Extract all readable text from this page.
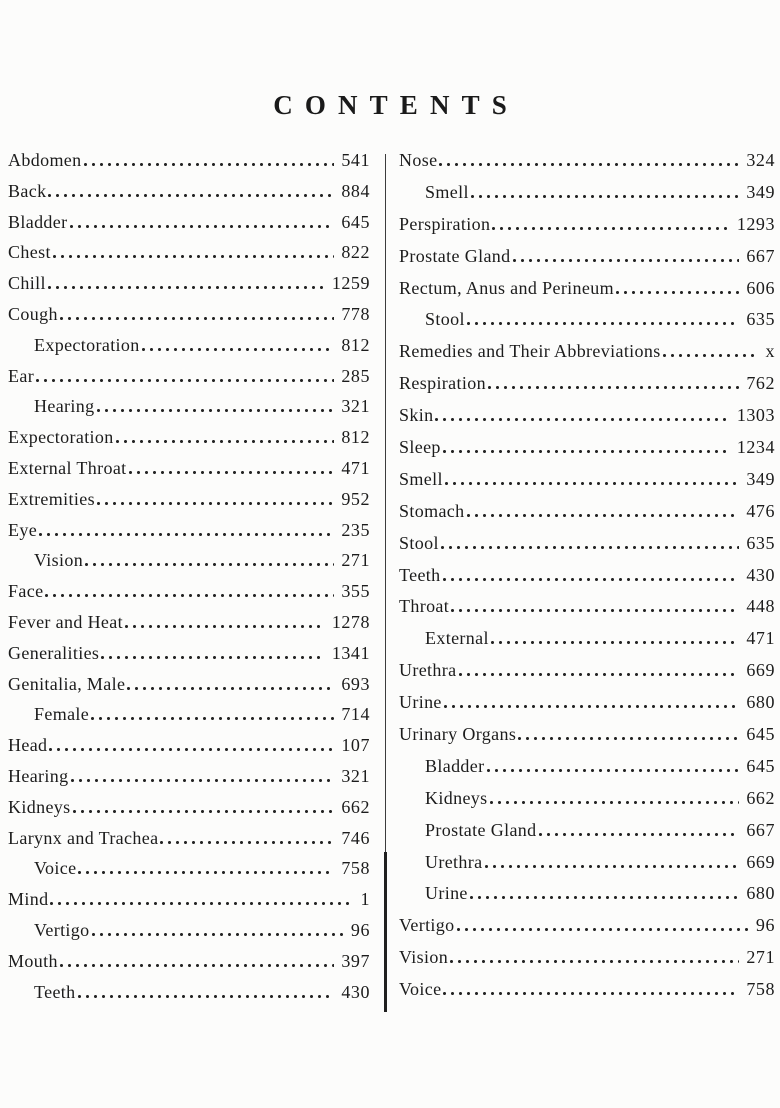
CONTENTS
Abdomen	541
Back	884
Bladder	645
Chest	822
Chill	1259
Cough	778
Expectoration	812
Ear	285
Hearing	321
Expectoration	812
External Throat	471
Extremities	952
Eye	235
Vision	271
Face	355
Fever and Heat	1278
Generalities	1341
Genitalia, Male	693
Female	714
Head	107
Hearing	321
Kidneys	662
Larynx and Trachea	746
Voice	758
Mind	1
Vertigo	96
Mouth	397
Teeth	430
Nose	324
Smell	349
Perspiration	1293
Prostate Gland	667
Rectum, Anus and Perineum	606
Stool	635
Remedies and Their Abbreviations	x
Respiration	762
Skin	1303
Sleep	1234
Smell	349
Stomach	476
Stool	635
Teeth	430
Throat	448
External	471
Urethra	669
Urine	680
Urinary Organs	645
Bladder	645
Kidneys	662
Prostate Gland	667
Urethra	669
Urine	680
Vertigo	96
Vision	271
Voice	758
